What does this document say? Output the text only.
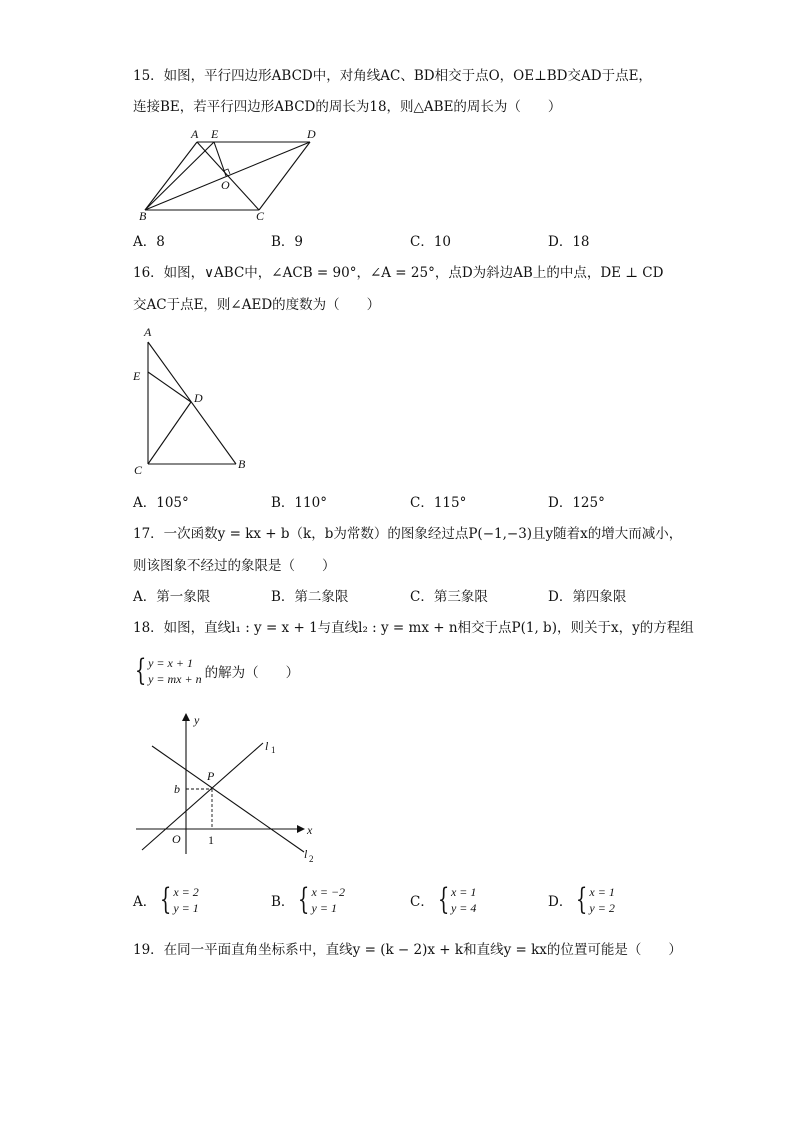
15．如图，平行四边形ABCD中，对角线AC、BD相交于点O，OE⊥BD交AD于点E，
连接BE，若平行四边形ABCD的周长为18，则△ABE的周长为（　　）
A E	D
O
B	C
A．8	B．9	C．10	D．18
16．如图，∨ABC中，∠ACB = 90°，∠A = 25°，点D为斜边AB上的中点，DE ⊥ CD
交AC于点E，则∠AED的度数为（　　）
A
E
D
C	B
A．105°	B．110°	C．115°	D．125°
17．一次函数y = kx + b（k，b为常数）的图象经过点P(−1,−3)且y随着x的增大而减小，
则该图象不经过的象限是（　　）
A．第一象限	B．第二象限	C．第三象限	D．第四象限
18．如图，直线l₁ : y = x + 1与直线l₂ : y = mx + n相交于点P(1, b)，则关于x，y的方程组
{ y = x + 1
y = mx + n 的解为（　　）
y
x
O
P
b
1
l 1
l 2
A． { x = 2
y = 1	B． { x = −2
y = 1	C． { x = 1
y = 4	D． { x = 1
y = 2
19．在同一平面直角坐标系中，直线y = (k − 2)x + k和直线y = kx的位置可能是（　　）
